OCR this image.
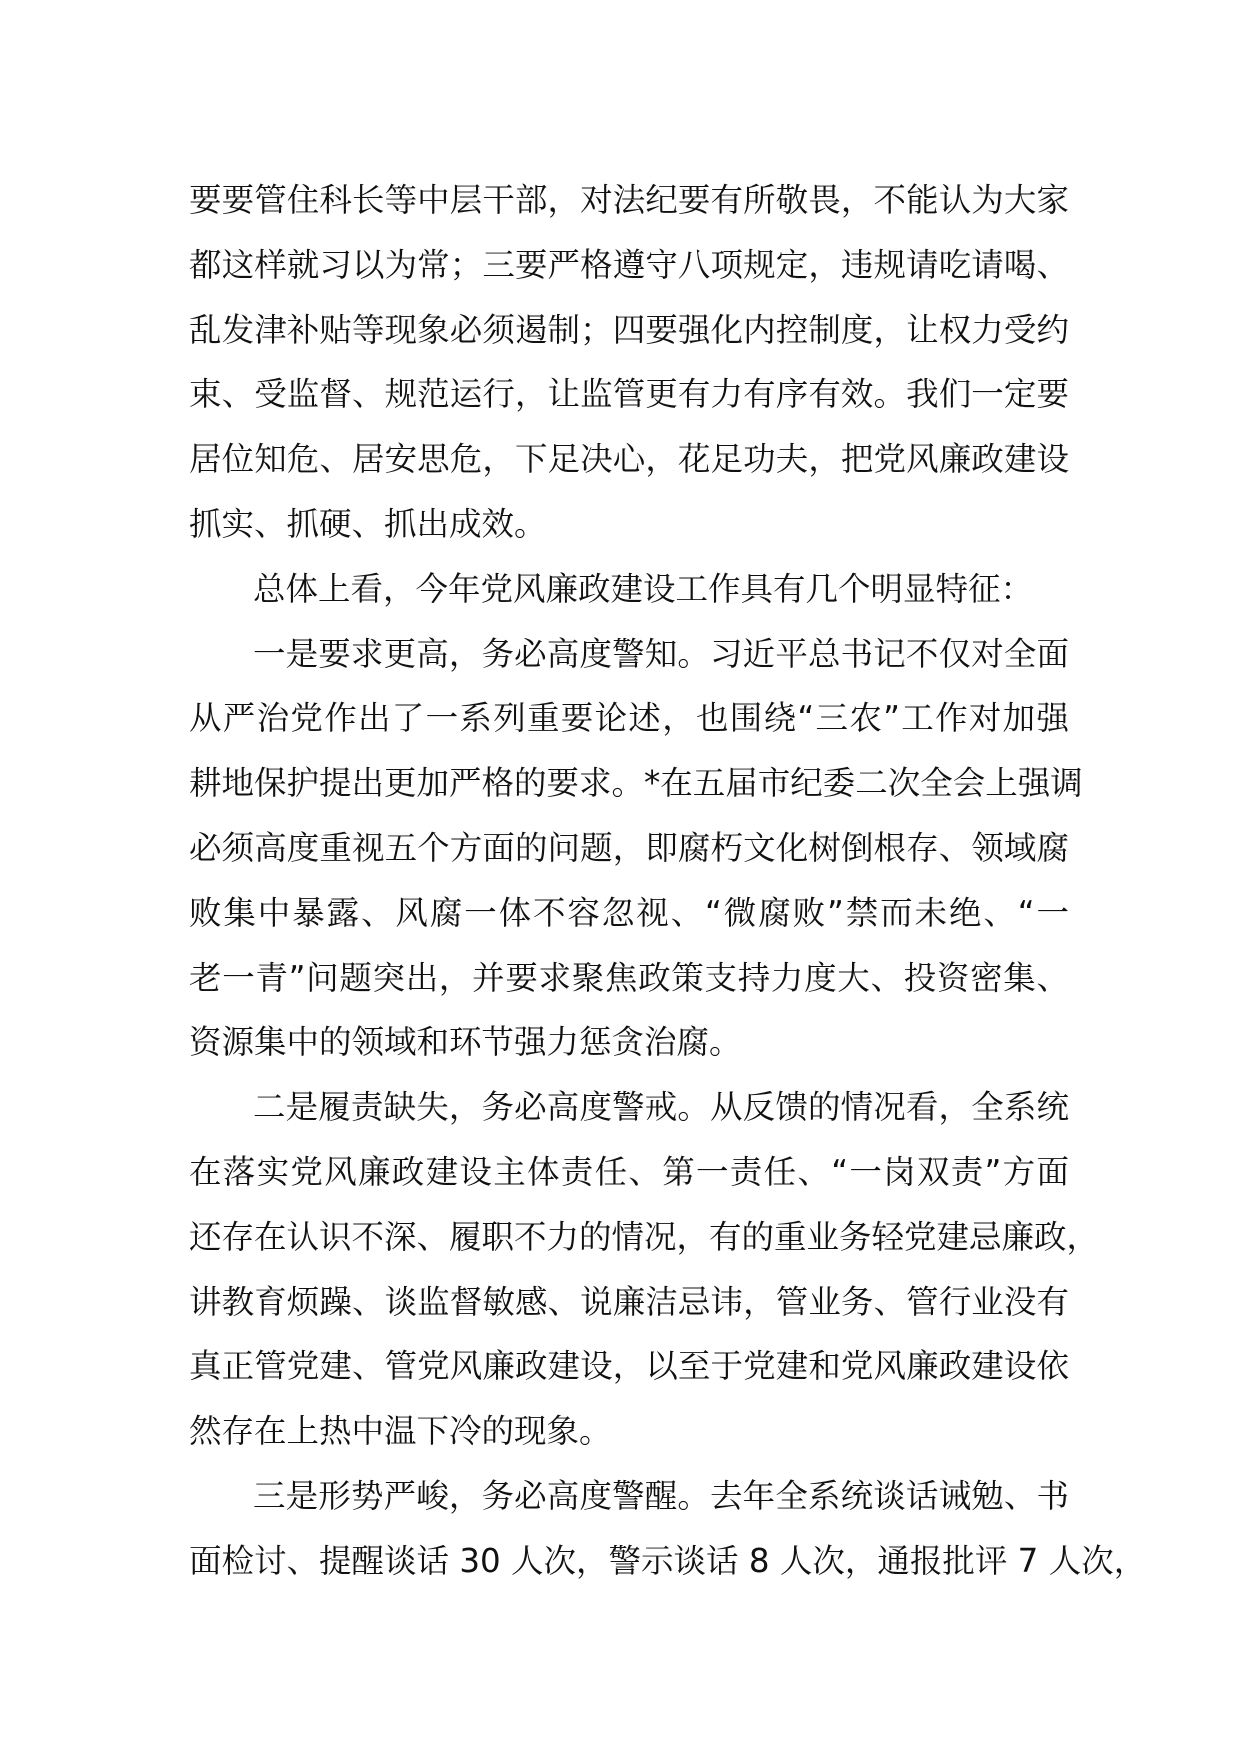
要要管住科长等中层干部，对法纪要有所敬畏，不能认为大家
都这样就习以为常；三要严格遵守八项规定，违规请吃请喝、
乱发津补贴等现象必须遏制；四要强化内控制度，让权力受约
束、受监督、规范运行，让监管更有力有序有效。我们一定要
居位知危、居安思危，下足决心，花足功夫，把党风廉政建设
抓实、抓硬、抓出成效。
总体上看，今年党风廉政建设工作具有几个明显特征：
一是要求更高，务必高度警知。习近平总书记不仅对全面
从严治党作出了一系列重要论述，也围绕“三农”工作对加强
耕地保护提出更加严格的要求。*在五届市纪委二次全会上强调
必须高度重视五个方面的问题，即腐朽文化树倒根存、领域腐
败集中暴露、风腐一体不容忽视、“微腐败”禁而未绝、“一
老一青”问题突出，并要求聚焦政策支持力度大、投资密集、
资源集中的领域和环节强力惩贪治腐。
二是履责缺失，务必高度警戒。从反馈的情况看，全系统
在落实党风廉政建设主体责任、第一责任、“一岗双责”方面
还存在认识不深、履职不力的情况，有的重业务轻党建忌廉政，
讲教育烦躁、谈监督敏感、说廉洁忌讳，管业务、管行业没有
真正管党建、管党风廉政建设，以至于党建和党风廉政建设依
然存在上热中温下冷的现象。
三是形势严峻，务必高度警醒。去年全系统谈话诫勉、书
面检讨、提醒谈话 30 人次，警示谈话 8 人次，通报批评 7 人次，
